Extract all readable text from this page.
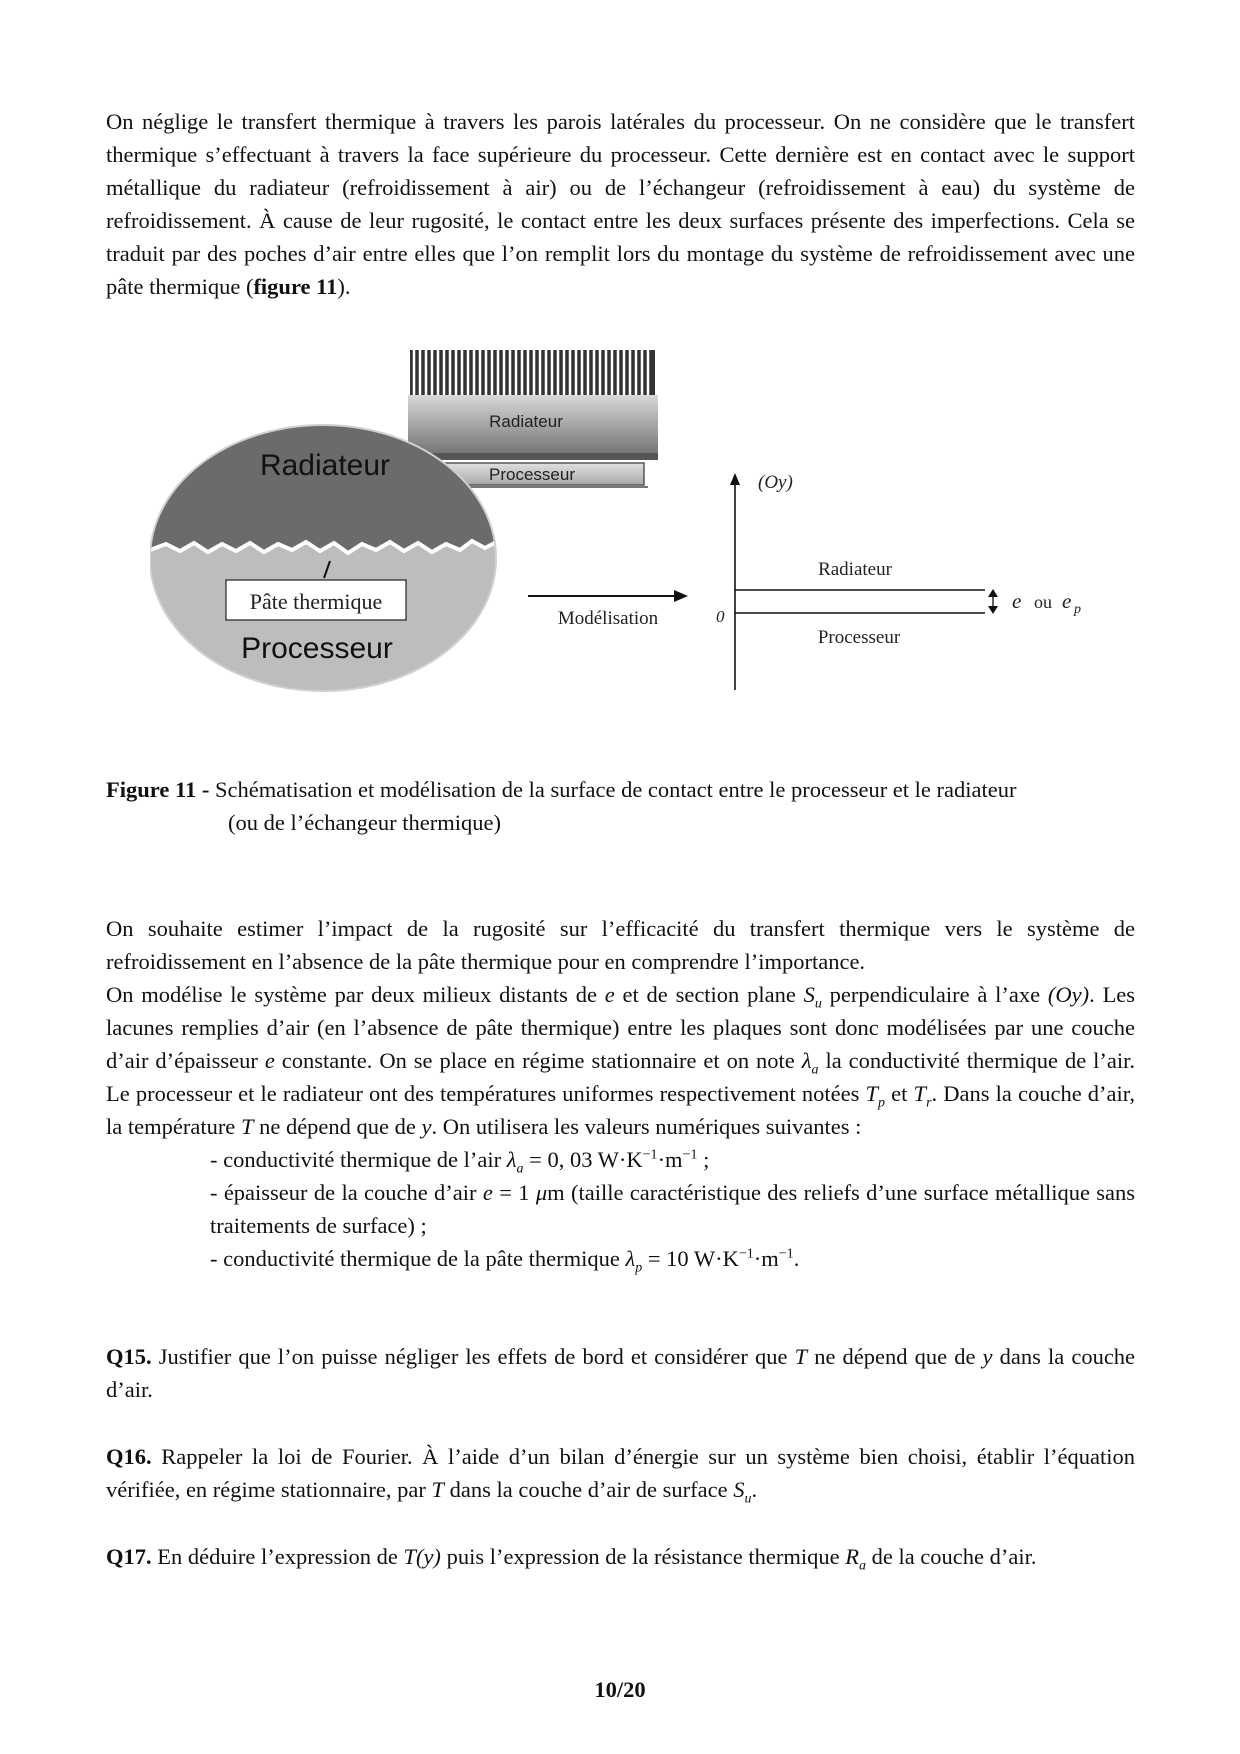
On néglige le transfert thermique à travers les parois latérales du processeur. On ne considère que le transfert thermique s’effectuant à travers la face supérieure du processeur. Cette dernière est en contact avec le support métallique du radiateur (refroidissement à air) ou de l’échangeur (refroidissement à eau) du système de refroidissement. À cause de leur rugosité, le contact entre les deux surfaces présente des imperfections. Cela se traduit par des poches d’air entre elles que l’on remplit lors du montage du système de refroidissement avec une pâte thermique (figure 11).

Radiateur
Processeur
Radiateur
Pâte thermique
Processeur
Modélisation
(Oy)
0
Radiateur
Processeur
e ou e p
Figure 11 - Schématisation et modélisation de la surface de contact entre le processeur et le radiateur
(ou de l’échangeur thermique)

On souhaite estimer l’impact de la rugosité sur l’efficacité du transfert thermique vers le système de refroidissement en l’absence de la pâte thermique pour en comprendre l’importance.

On modélise le système par deux milieux distants de e et de section plane $S_u$ perpendiculaire à l’axe (Oy). Les lacunes remplies d’air (en l’absence de pâte thermique) entre les plaques sont donc modélisées par une couche d’air d’épaisseur e constante. On se place en régime stationnaire et on note $\lambda_a$ la conductivité thermique de l’air. Le processeur et le radiateur ont des températures uniformes respectivement notées $T_p$ et $T_r$. Dans la couche d’air, la température T ne dépend que de y. On utilisera les valeurs numériques suivantes :
- conductivité thermique de l’air $\lambda_a = 0$, 03 $W\cdot K^{-1}\cdot m^{-1}$ ;
- épaisseur de la couche d’air e = 1 μm (taille caractéristique des reliefs d’une surface métallique sans traitements de surface) ;
- conductivité thermique de la pâte thermique $\lambda_p = 10$ $W\cdot K^{-1}\cdot m^{-1}$.

Q15. Justifier que l’on puisse négliger les effets de bord et considérer que T ne dépend que de y dans la couche d’air.

Q16. Rappeler la loi de Fourier. À l’aide d’un bilan d’énergie sur un système bien choisi, établir l’équation vérifiée, en régime stationnaire, par T dans la couche d’air de surface $S_u$.

Q17. En déduire l’expression de T(y) puis l’expression de la résistance thermique $R_a$ de la couche d’air.

10/20
